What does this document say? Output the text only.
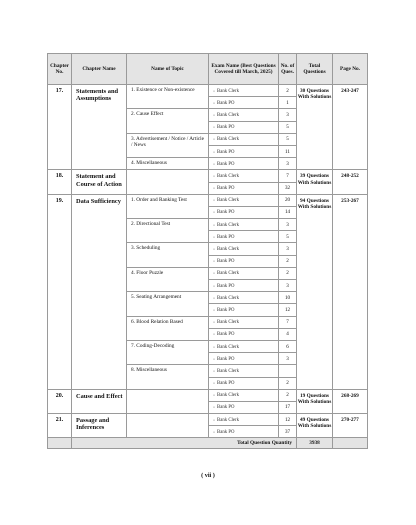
Chapter No.	Chapter Name	Name of Topic	Exam Name (Best Questions Covered till March, 2025)	No. of Ques.	Total Questions	Page No.
17.	Statements and Assumptions	1. Existence or Non-existence	» Bank Clerk	2	30 Questions With Solutions	243-247
			» Bank PO	1		
		2. Cause Effect	» Bank Clerk	3		
			» Bank PO	5		
		3. Advertisement / Notice / Article / News	» Bank Clerk	5		
			» Bank PO	11		
		4. Miscellaneous	» Bank PO	3		
18.	Statement and Course of Action		» Bank Clerk	7	39 Questions With Solutions	248-252
			» Bank PO	32		
19.	Data Sufficiency	1. Order and Ranking Test	» Bank Clerk	20	94 Questions With Solutions	253-267
			» Bank PO	14		
		2. Directional Test	» Bank Clerk	3		
			» Bank PO	5		
		3. Scheduling	» Bank Clerk	3		
			» Bank PO	2		
		4. Floor Puzzle	» Bank Clerk	2		
			» Bank PO	3		
		5. Seating Arrangement	» Bank Clerk	10		
			» Bank PO	12		
		6. Blood Relation Based	» Bank Clerk	7		
			» Bank PO	4		
		7. Coding-Decoding	» Bank Clerk	6		
			» Bank PO	3		
		8. Miscellaneous	» Bank Clerk			
			» Bank PO	2		
20.	Cause and Effect		» Bank Clerk	2	19 Questions With Solutions	268-269
			» Bank PO	17		
21.	Passage and Inferences		» Bank Clerk	12	49 Questions With Solutions	270-277
			» Bank PO	37		
	Total Question Quantity				3938	
( vii )
